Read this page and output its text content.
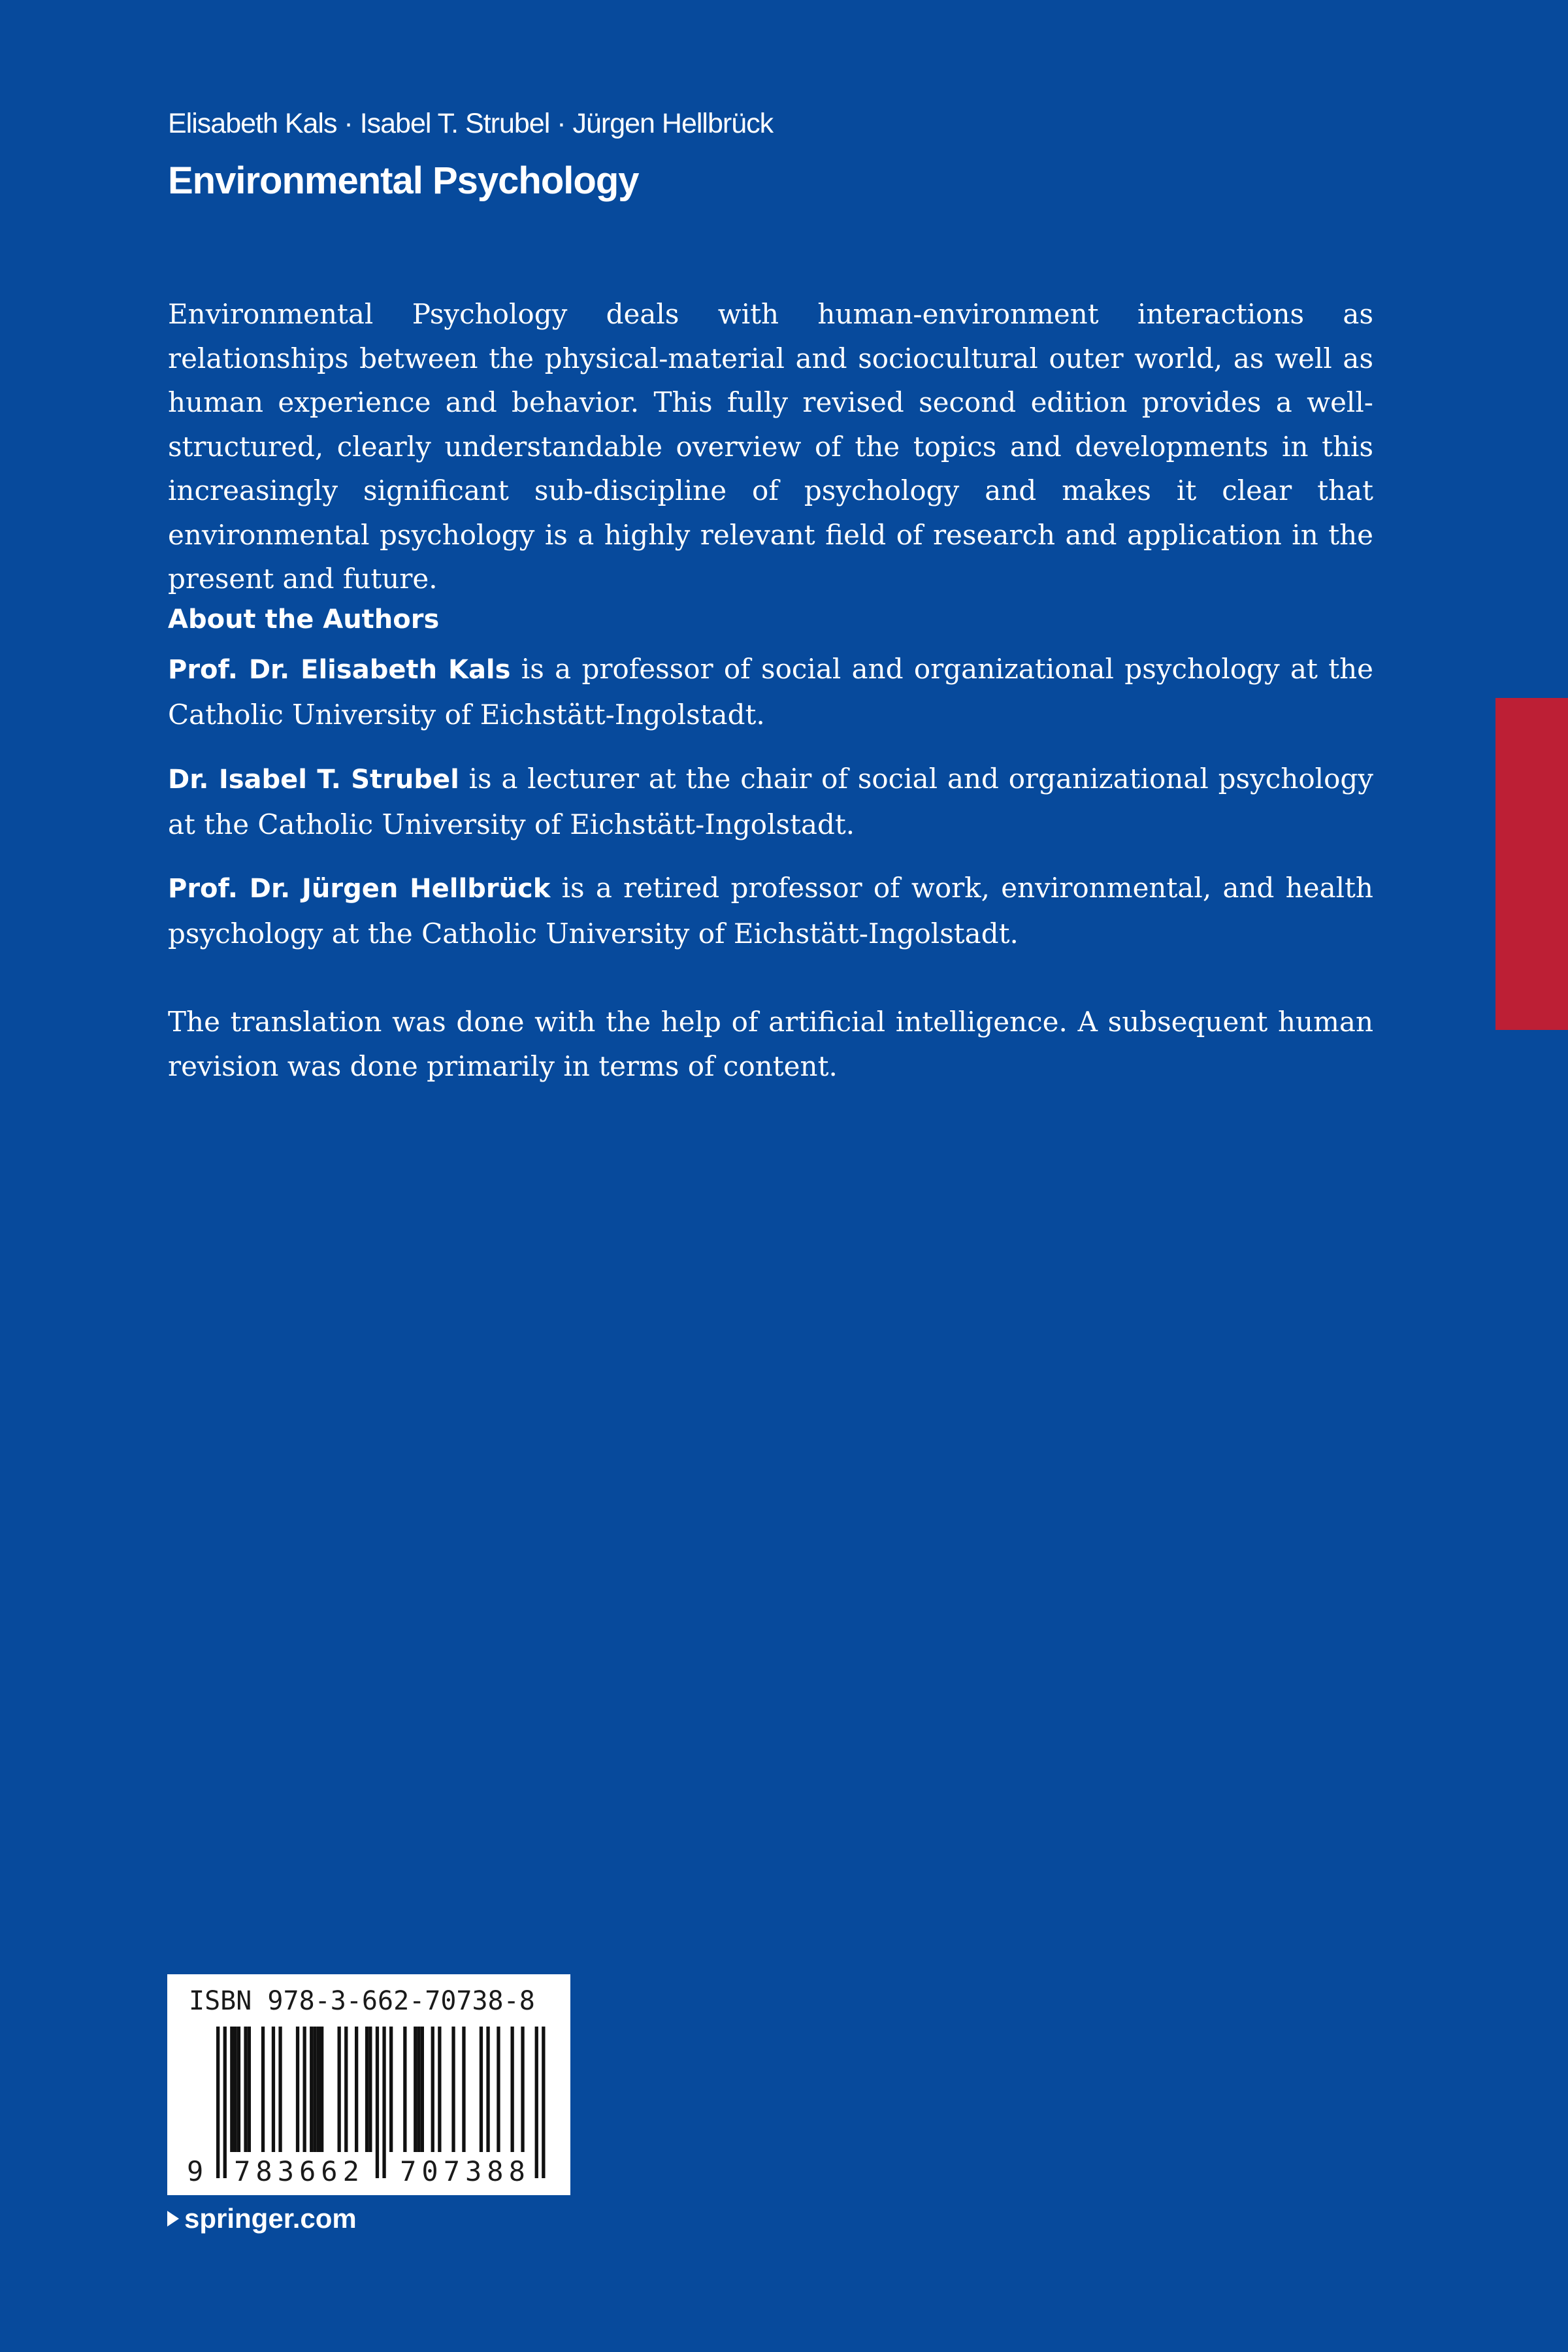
Elisabeth Kals · Isabel T. Strubel · Jürgen Hellbrück
Environmental Psychology
Environmental Psychology deals with human-environment interactions as relationships between the physical-material and sociocultural outer world, as well as human experience and behavior. This fully revised second edition provides a well-structured, clearly understandable overview of the topics and developments in this increasingly significant sub-discipline of psychology and makes it clear that environmental psychology is a highly relevant field of research and application in the present and future.
About the Authors
Prof. Dr. Elisabeth Kals is a professor of social and organizational psychology at the Catholic University of Eichstätt-Ingolstadt.
Dr. Isabel T. Strubel is a lecturer at the chair of social and organizational psychology at the Catholic University of Eichstätt-Ingolstadt.
Prof. Dr. Jürgen Hellbrück is a retired professor of work, environmental, and health psychology at the Catholic University of Eichstätt-Ingolstadt.
The translation was done with the help of artificial intelligence. A subsequent human revision was done primarily in terms of content.
ISBN 978-3-662-70738-8
9	783662	707388
springer.com
